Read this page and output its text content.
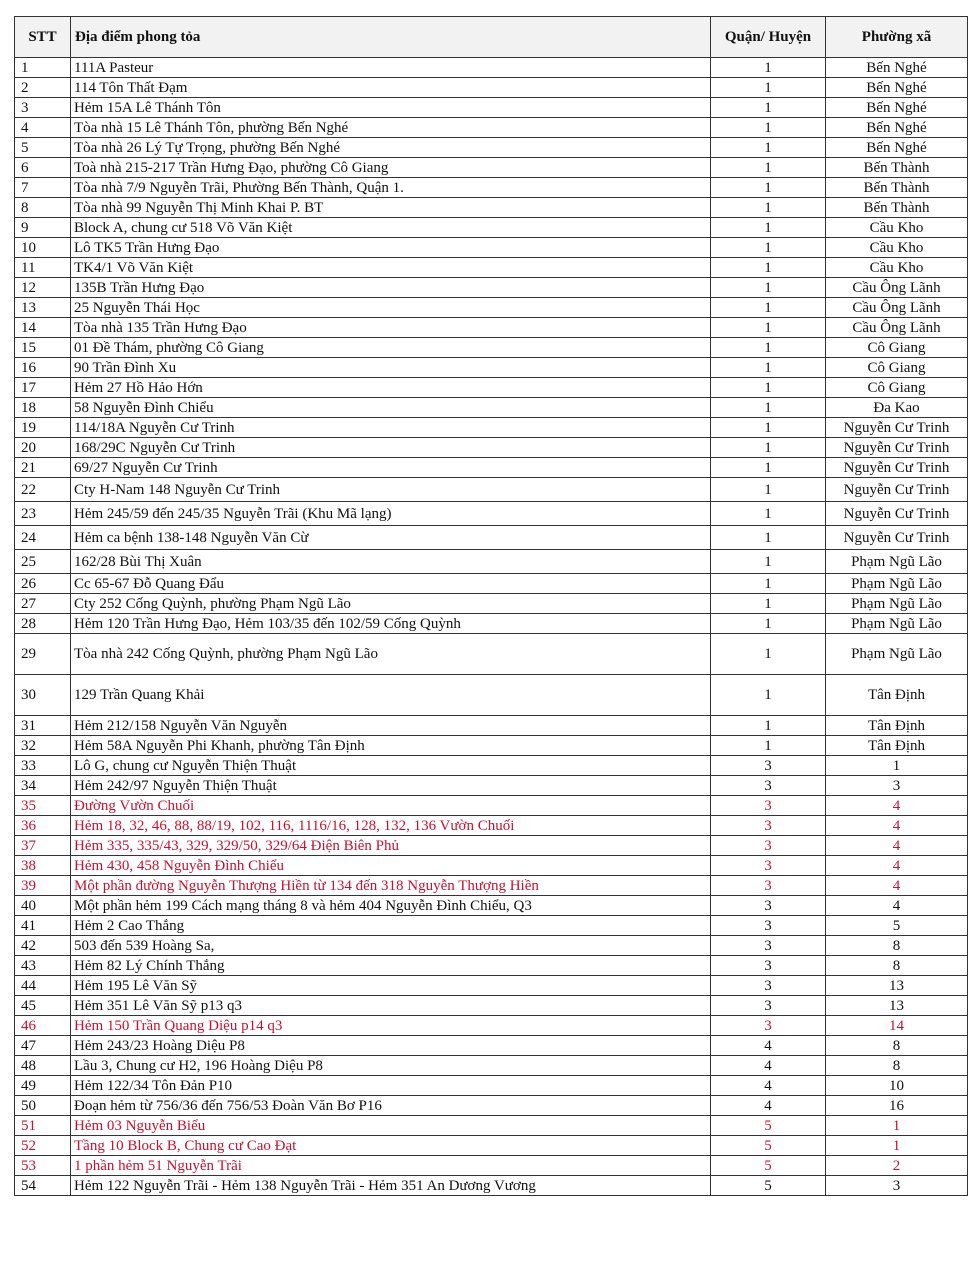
STT	Địa điểm phong tỏa	Quận/ Huyện	Phường xã
1	111A Pasteur	1	Bến Nghé
2	114 Tôn Thất Đạm	1	Bến Nghé
3	Hẻm 15A Lê Thánh Tôn	1	Bến Nghé
4	Tòa nhà 15 Lê Thánh Tôn, phường Bến Nghé	1	Bến Nghé
5	Tòa nhà 26 Lý Tự Trọng, phường Bến Nghé	1	Bến Nghé
6	Toà nhà 215-217 Trần Hưng Đạo, phường Cô Giang	1	Bến Thành
7	Tòa nhà 7/9 Nguyễn Trãi, Phường Bến Thành, Quận 1.	1	Bến Thành
8	Tòa nhà 99 Nguyễn Thị Minh Khai P. BT	1	Bến Thành
9	Block A, chung cư 518 Võ Văn Kiệt	1	Cầu Kho
10	Lô TK5 Trần Hưng Đạo	1	Cầu Kho
11	TK4/1 Võ Văn Kiệt	1	Cầu Kho
12	135B Trần Hưng Đạo	1	Cầu Ông Lãnh
13	25 Nguyễn Thái Học	1	Cầu Ông Lãnh
14	Tòa nhà 135 Trần Hưng Đạo	1	Cầu Ông Lãnh
15	01 Đề Thám, phường Cô Giang	1	Cô Giang
16	90 Trần Đình Xu	1	Cô Giang
17	Hẻm 27 Hồ Hảo Hớn	1	Cô Giang
18	58 Nguyễn Đình Chiểu	1	Đa Kao
19	114/18A Nguyễn Cư Trinh	1	Nguyễn Cư Trinh
20	168/29C Nguyễn Cư Trinh	1	Nguyễn Cư Trinh
21	69/27 Nguyễn Cư Trinh	1	Nguyễn Cư Trinh
22	Cty H-Nam 148 Nguyễn Cư Trinh	1	Nguyễn Cư Trinh
23	Hẻm 245/59 đến 245/35 Nguyễn Trãi (Khu Mã lạng)	1	Nguyễn Cư Trinh
24	Hẻm ca bệnh 138-148 Nguyễn Văn Cừ	1	Nguyễn Cư Trinh
25	162/28 Bùi Thị Xuân	1	Phạm Ngũ Lão
26	Cc 65-67 Đỗ Quang Đẩu	1	Phạm Ngũ Lão
27	Cty 252 Cống Quỳnh, phường Phạm Ngũ Lão	1	Phạm Ngũ Lão
28	Hẻm 120 Trần Hưng Đạo, Hẻm 103/35 đến 102/59 Cống Quỳnh	1	Phạm Ngũ Lão
29	Tòa nhà 242 Cống Quỳnh, phường Phạm Ngũ Lão	1	Phạm Ngũ Lão
30	129 Trần Quang Khải	1	Tân Định
31	Hẻm 212/158 Nguyễn Văn Nguyễn	1	Tân Định
32	Hẻm 58A Nguyễn Phi Khanh, phường Tân Định	1	Tân Định
33	Lô G, chung cư Nguyễn Thiện Thuật	3	1
34	Hẻm 242/97 Nguyễn Thiện Thuật	3	3
35	Đường Vườn Chuối	3	4
36	Hẻm 18, 32, 46, 88, 88/19, 102, 116, 1116/16, 128, 132, 136 Vườn Chuối	3	4
37	Hẻm 335, 335/43, 329, 329/50, 329/64 Điện Biên Phủ	3	4
38	Hẻm 430, 458 Nguyễn Đình Chiểu	3	4
39	Một phần đường Nguyễn Thượng Hiền từ 134 đến 318 Nguyễn Thượng Hiền	3	4
40	Một phần hẻm 199 Cách mạng tháng 8 và hẻm 404 Nguyễn Đình Chiểu, Q3	3	4
41	Hẻm 2 Cao Thắng	3	5
42	503 đến 539 Hoàng Sa,	3	8
43	Hẻm 82 Lý Chính Thắng	3	8
44	Hẻm 195 Lê Văn Sỹ	3	13
45	Hẻm 351 Lê Văn Sỹ p13 q3	3	13
46	Hẻm 150 Trần Quang Diệu p14 q3	3	14
47	Hẻm 243/23 Hoàng Diệu P8	4	8
48	Lầu 3, Chung cư H2, 196 Hoàng Diệu P8	4	8
49	Hẻm 122/34 Tôn Đản P10	4	10
50	Đoạn hẻm từ 756/36 đến 756/53 Đoàn Văn Bơ P16	4	16
51	Hẻm 03 Nguyễn Biểu	5	1
52	Tầng 10 Block B, Chung cư Cao Đạt	5	1
53	1 phần hẻm 51 Nguyễn Trãi	5	2
54	Hẻm 122 Nguyễn Trãi - Hẻm 138 Nguyễn Trãi - Hẻm 351 An Dương Vương	5	3
